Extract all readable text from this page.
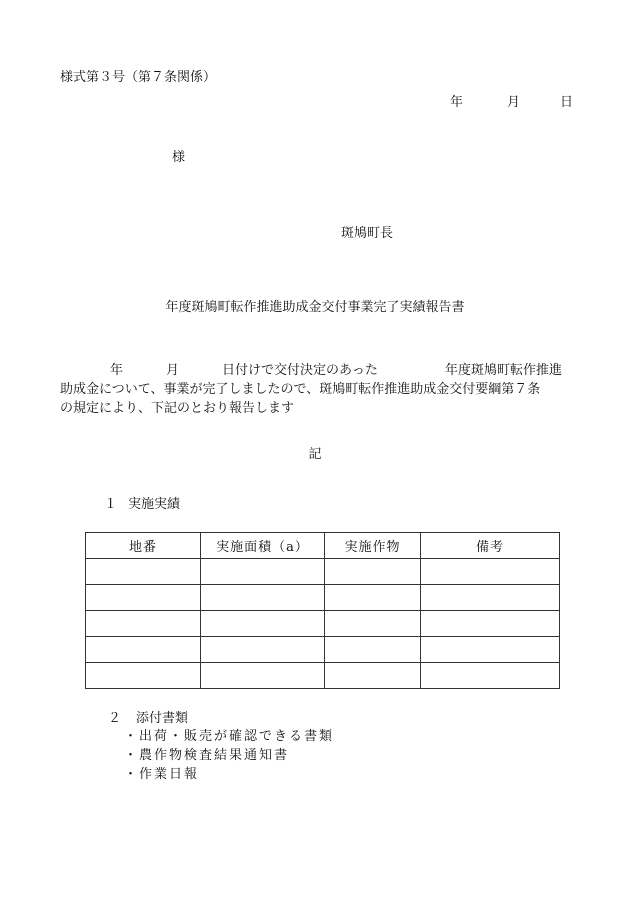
様式第３号（第７条関係）
年	月	日
様
斑鳩町長
年度斑鳩町転作推進助成金交付事業完了実績報告書
年	月	日付けで交付決定のあった	年度斑鳩町転作推進
助成金について、事業が完了しましたので、斑鳩町転作推進助成金交付要綱第７条
の規定により、下記のとおり報告します
記
１ 実施実績
地番	実施面積（a）	実施作物	備考

２ 添付書類
・出荷・販売が確認できる書類
・農作物検査結果通知書
・作業日報
